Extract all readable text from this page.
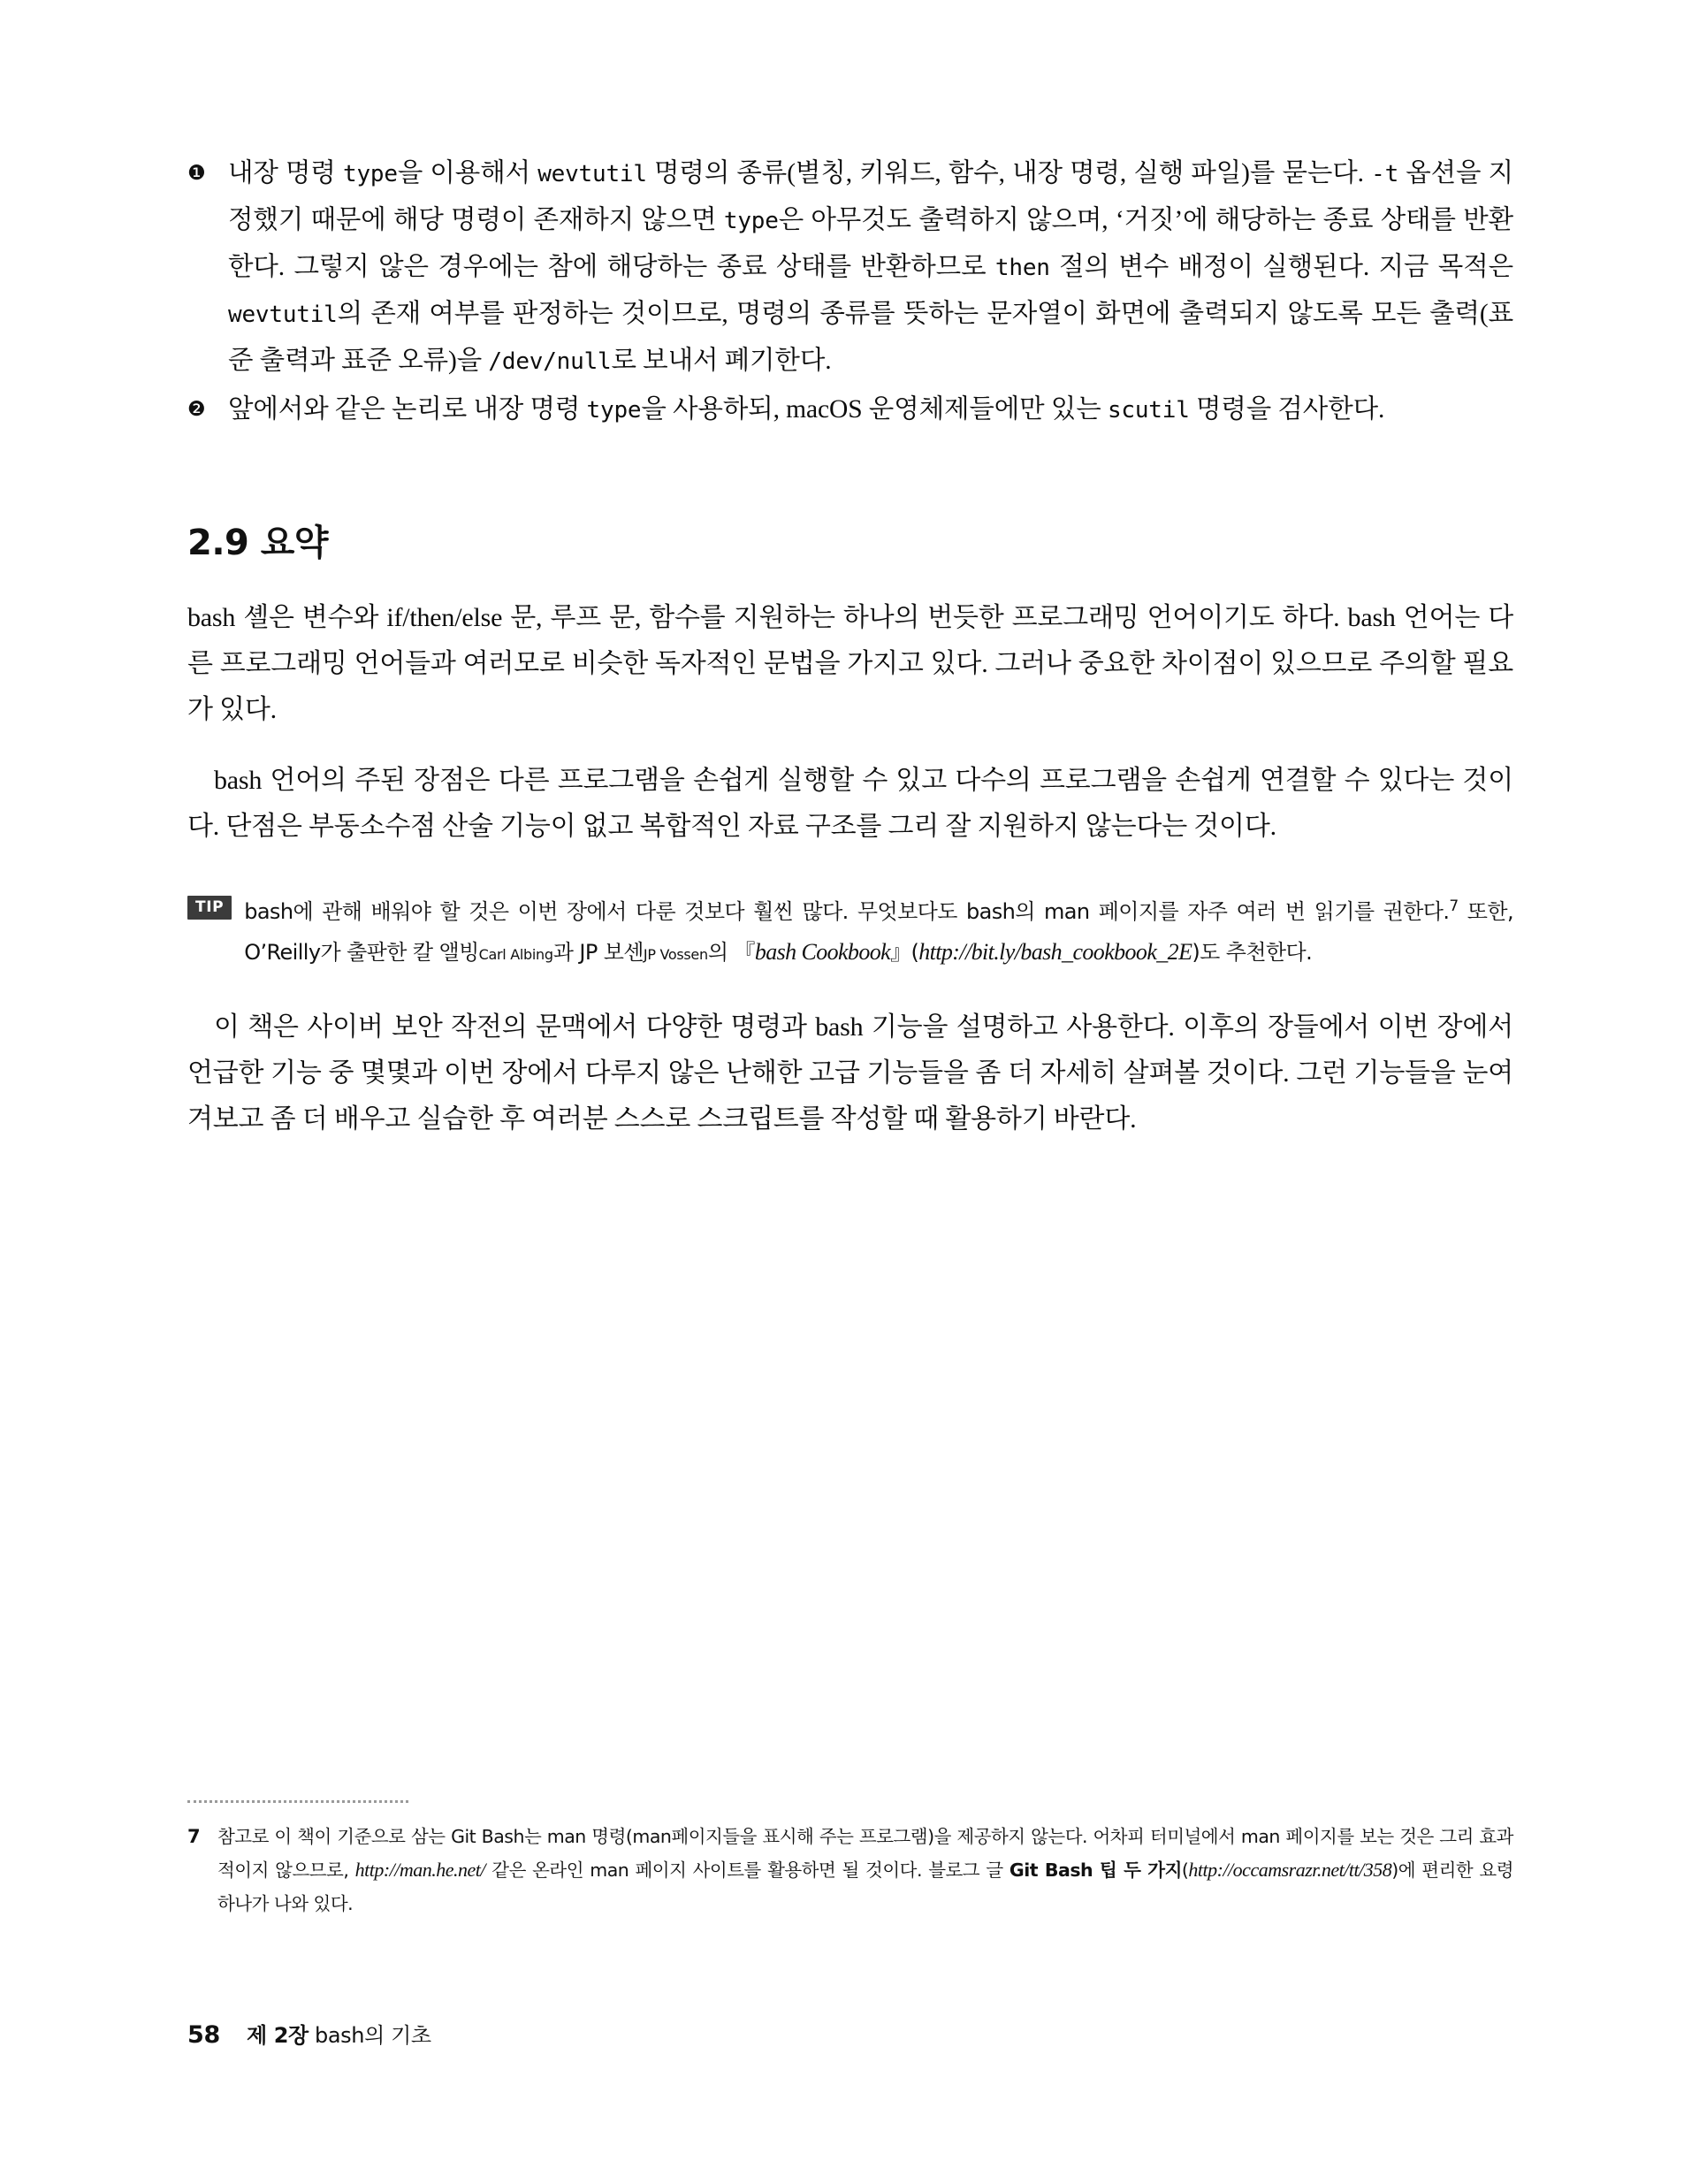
❶ 내장 명령 type을 이용해서 wevtutil 명령의 종류(별칭, 키워드, 함수, 내장 명령, 실행 파일)를 묻는다. -t 옵션을 지정했기 때문에 해당 명령이 존재하지 않으면 type은 아무것도 출력하지 않으며, ‘거짓’에 해당하는 종료 상태를 반환한다. 그렇지 않은 경우에는 참에 해당하는 종료 상태를 반환하므로 then 절의 변수 배정이 실행된다. 지금 목적은 wevtutil의 존재 여부를 판정하는 것이므로, 명령의 종류를 뜻하는 문자열이 화면에 출력되지 않도록 모든 출력(표준 출력과 표준 오류)을 /dev/null로 보내서 폐기한다.
❷ 앞에서와 같은 논리로 내장 명령 type을 사용하되, macOS 운영체제들에만 있는 scutil 명령을 검사한다.
2.9 요약

bash 셸은 변수와 if/then/else 문, 루프 문, 함수를 지원하는 하나의 번듯한 프로그래밍 언어이기도 하다. bash 언어는 다른 프로그래밍 언어들과 여러모로 비슷한 독자적인 문법을 가지고 있다. 그러나 중요한 차이점이 있으므로 주의할 필요가 있다.

bash 언어의 주된 장점은 다른 프로그램을 손쉽게 실행할 수 있고 다수의 프로그램을 손쉽게 연결할 수 있다는 것이다. 단점은 부동소수점 산술 기능이 없고 복합적인 자료 구조를 그리 잘 지원하지 않는다는 것이다.

TIP bash에 관해 배워야 할 것은 이번 장에서 다룬 것보다 훨씬 많다. 무엇보다도 bash의 man 페이지를 자주 여러 번 읽기를 권한다.$^7$ 또한, O’Reilly가 출판한 칼 앨빙Carl Albing과 JP 보센JP Vossen의 『bash Cookbook』(http://bit.ly/bash_cookbook_2E)도 추천한다.

이 책은 사이버 보안 작전의 문맥에서 다양한 명령과 bash 기능을 설명하고 사용한다. 이후의 장들에서 이번 장에서 언급한 기능 중 몇몇과 이번 장에서 다루지 않은 난해한 고급 기능들을 좀 더 자세히 살펴볼 것이다. 그런 기능들을 눈여겨보고 좀 더 배우고 실습한 후 여러분 스스로 스크립트를 작성할 때 활용하기 바란다.

7 참고로 이 책이 기준으로 삼는 Git Bash는 man 명령(man페이지들을 표시해 주는 프로그램)을 제공하지 않는다. 어차피 터미널에서 man 페이지를 보는 것은 그리 효과적이지 않으므로, http://man.he.net/ 같은 온라인 man 페이지 사이트를 활용하면 될 것이다. 블로그 글 Git Bash 팁 두 가지(http://occamsrazr.net/tt/358)에 편리한 요령 하나가 나와 있다.
58 제 2장 bash의 기초
